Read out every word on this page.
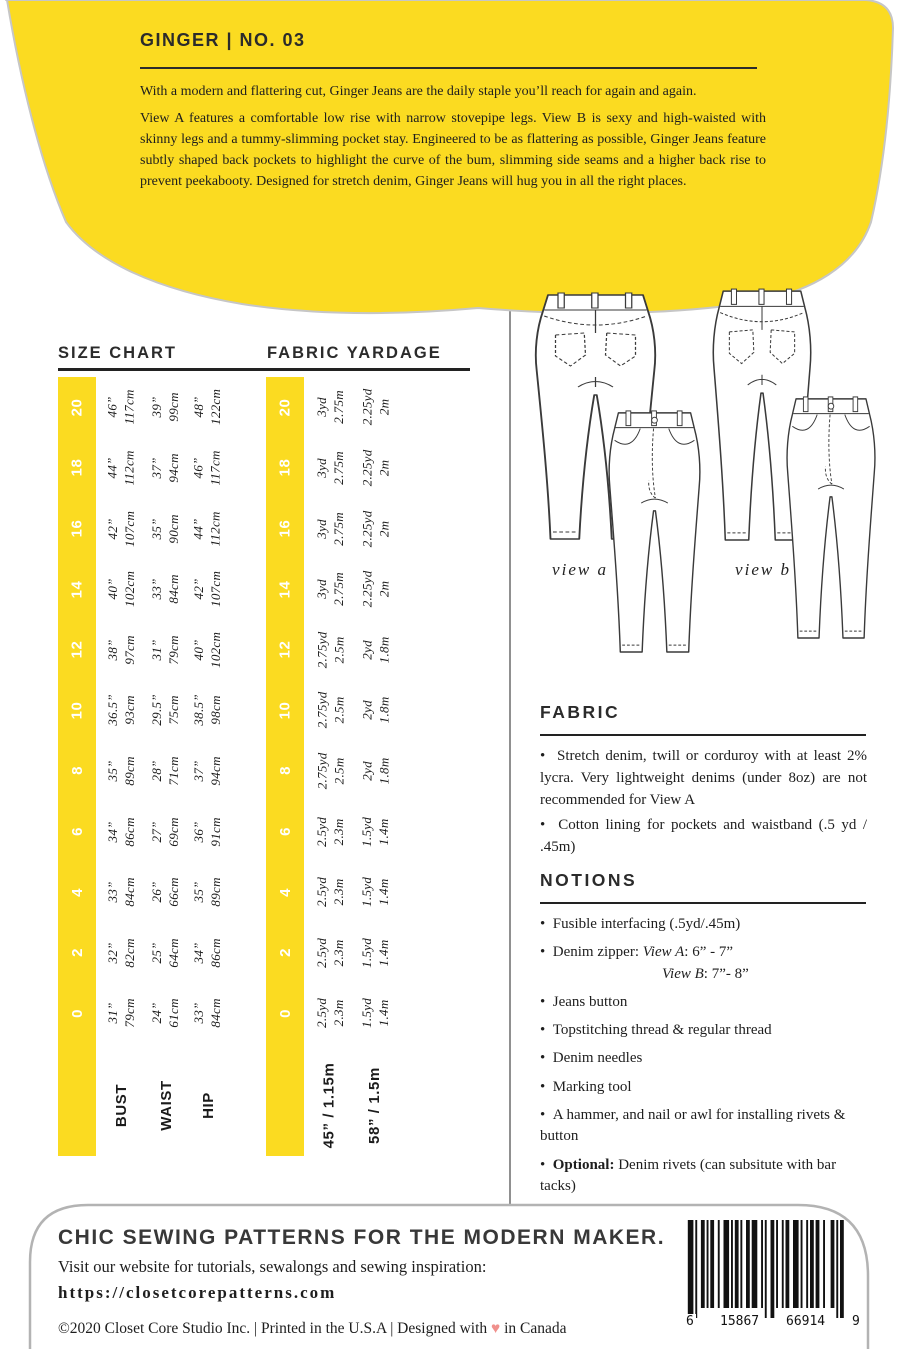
GINGER | NO. 03
With a modern and flattering cut, Ginger Jeans are the daily staple you’ll reach for again and again.
View A features a comfortable low rise with narrow stovepipe legs. View B is sexy and high-waisted with skinny legs and a tummy-slimming pocket stay. Engineered to be as flattering as possible, Ginger Jeans feature subtly shaped back pockets to highlight the curve of the bum, slimming side seams and a higher back rise to prevent peekabooty. Designed for stretch denim, Ginger Jeans will hug you in all the right places.
SIZE CHART	FABRIC YARDAGE
20 46” 117cm 39” 99cm 48” 122cm
18 44” 112cm 37” 94cm 46” 117cm
16 42” 107cm 35” 90cm 44” 112cm
14 40” 102cm 33” 84cm 42” 107cm
12 38” 97cm 31” 79cm 40” 102cm
10 36.5” 93cm 29.5” 75cm 38.5” 98cm
8 35” 89cm 28” 71cm 37” 94cm
6 34” 86cm 27” 69cm 36” 91cm
4 33” 84cm 26” 66cm 35” 89cm
2 32” 82cm 25” 64cm 34” 86cm
0 31” 79cm 24” 61cm 33” 84cm
20 3yd 2.75m 2.25yd 2m
18 3yd 2.75m 2.25yd 2m
16 3yd 2.75m 2.25yd 2m
14 3yd 2.75m 2.25yd 2m
12 2.75yd 2.5m 2yd 1.8m
10 2.75yd 2.5m 2yd 1.8m
8 2.75yd 2.5m 2yd 1.8m
6 2.5yd 2.3m 1.5yd 1.4m
4 2.5yd 2.3m 1.5yd 1.4m
2 2.5yd 2.3m 1.5yd 1.4m
0 2.5yd 2.3m 1.5yd 1.4m
BUST WAIST HIP	45” / 1.15m 58” / 1.5m
view a	view b
FABRIC

•  Stretch denim, twill or corduroy with at least 2% lycra. Very lightweight denims (under 8oz) are not recommended for View A

•  Cotton lining for pockets and waistband (.5 yd / .45m)

NOTIONS
•  Fusible interfacing (.5yd/.45m)
•  Denim zipper: View A: 6” - 7”
View B: 7”- 8”
•  Jeans button
•  Topstitching thread & regular thread
•  Denim needles
•  Marking tool
•  A hammer, and nail or awl for installing rivets & button
•  Optional: Denim rivets (can subsitute with bar tacks)
CHIC SEWING PATTERNS FOR THE MODERN MAKER.
Visit our website for tutorials, sewalongs and sewing inspiration:
https://closetcorepatterns.com
©2020 Closet Core Studio Inc. | Printed in the U.S.A | Designed with ♥ in Canada	6 15867 66914 9
